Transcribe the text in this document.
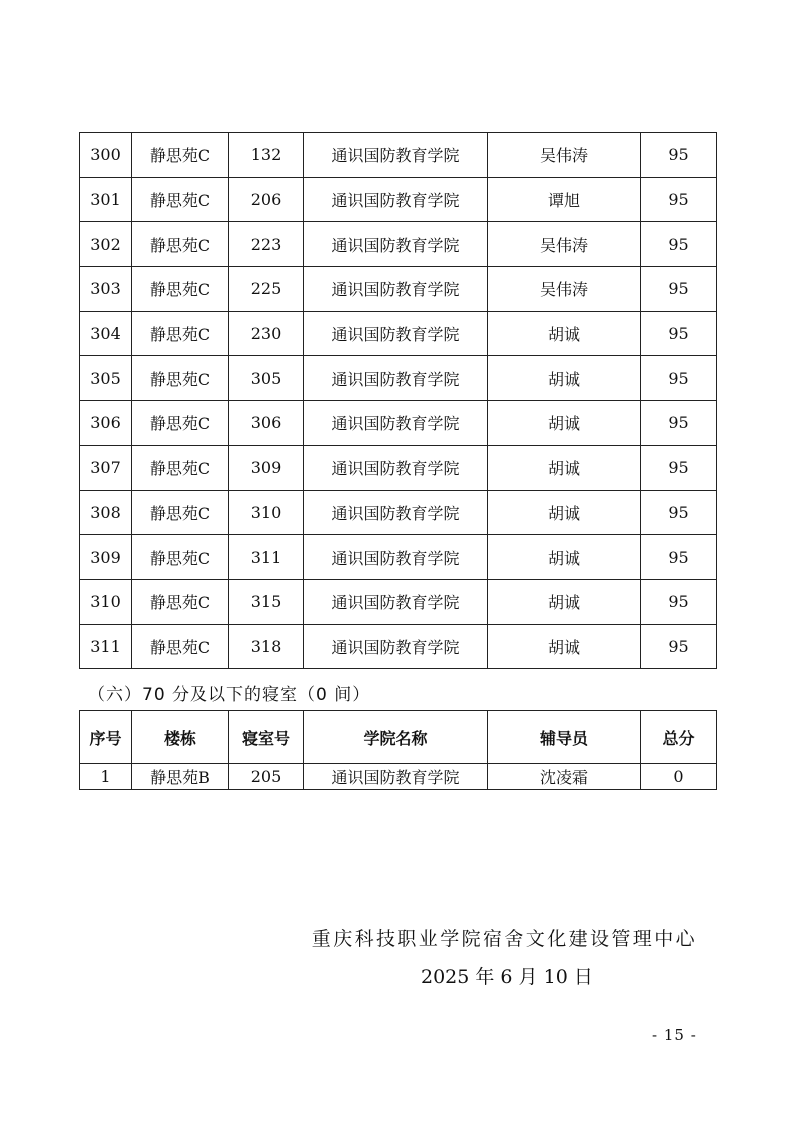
300	静思苑C	132	通识国防教育学院	吴伟涛	95
301	静思苑C	206	通识国防教育学院	谭旭	95
302	静思苑C	223	通识国防教育学院	吴伟涛	95
303	静思苑C	225	通识国防教育学院	吴伟涛	95
304	静思苑C	230	通识国防教育学院	胡诚	95
305	静思苑C	305	通识国防教育学院	胡诚	95
306	静思苑C	306	通识国防教育学院	胡诚	95
307	静思苑C	309	通识国防教育学院	胡诚	95
308	静思苑C	310	通识国防教育学院	胡诚	95
309	静思苑C	311	通识国防教育学院	胡诚	95
310	静思苑C	315	通识国防教育学院	胡诚	95
311	静思苑C	318	通识国防教育学院	胡诚	95
（六）70 分及以下的寝室（0 间）
序号	楼栋	寝室号	学院名称	辅导员	总分
1	静思苑B	205	通识国防教育学院	沈凌霜	0
重庆科技职业学院宿舍文化建设管理中心
2025 年 6 月 10 日
- 15 -
